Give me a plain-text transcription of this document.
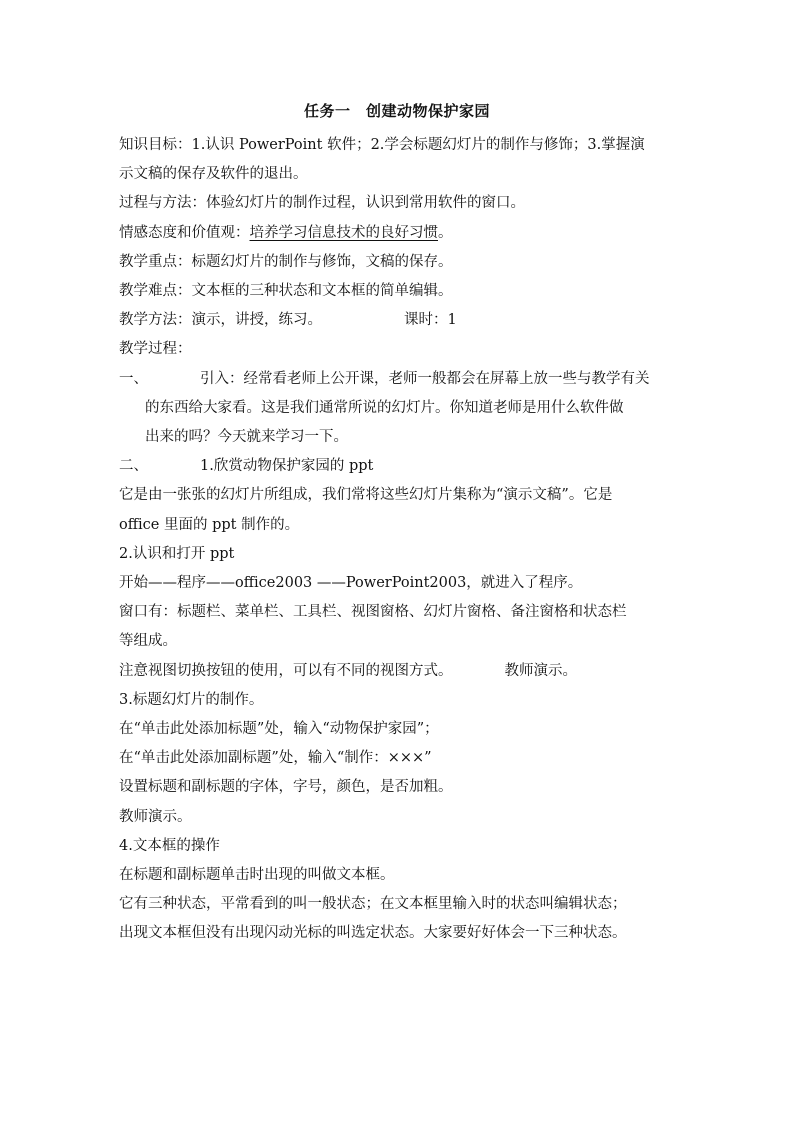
任务一　创建动物保护家园

知识目标：1.认识 PowerPoint 软件；2.学会标题幻灯片的制作与修饰；3.掌握演

示文稿的保存及软件的退出。

过程与方法：体验幻灯片的制作过程，认识到常用软件的窗口。

情感态度和价值观：培养学习信息技术的良好习惯。

教学重点：标题幻灯片的制作与修饰，文稿的保存。

教学难点：文本框的三种状态和文本框的简单编辑。

教学方法：演示，讲授，练习。	课时：1

教学过程：

一、	引入：经常看老师上公开课，老师一般都会在屏幕上放一些与教学有关

的东西给大家看。这是我们通常所说的幻灯片。你知道老师是用什么软件做

出来的吗？今天就来学习一下。

二、	1.欣赏动物保护家园的 ppt

它是由一张张的幻灯片所组成，我们常将这些幻灯片集称为“演示文稿”。它是

office 里面的 ppt 制作的。

2.认识和打开 ppt

开始——程序——office2003 ——PowerPoint2003，就进入了程序。

窗口有：标题栏、菜单栏、工具栏、视图窗格、幻灯片窗格、备注窗格和状态栏

等组成。

注意视图切换按钮的使用，可以有不同的视图方式。	教师演示。

3.标题幻灯片的制作。

在“单击此处添加标题”处，输入“动物保护家园”；

在“单击此处添加副标题”处，输入“制作：×××”

设置标题和副标题的字体，字号，颜色，是否加粗。

教师演示。

4.文本框的操作

在标题和副标题单击时出现的叫做文本框。

它有三种状态，平常看到的叫一般状态；在文本框里输入时的状态叫编辑状态；

出现文本框但没有出现闪动光标的叫选定状态。大家要好好体会一下三种状态。
